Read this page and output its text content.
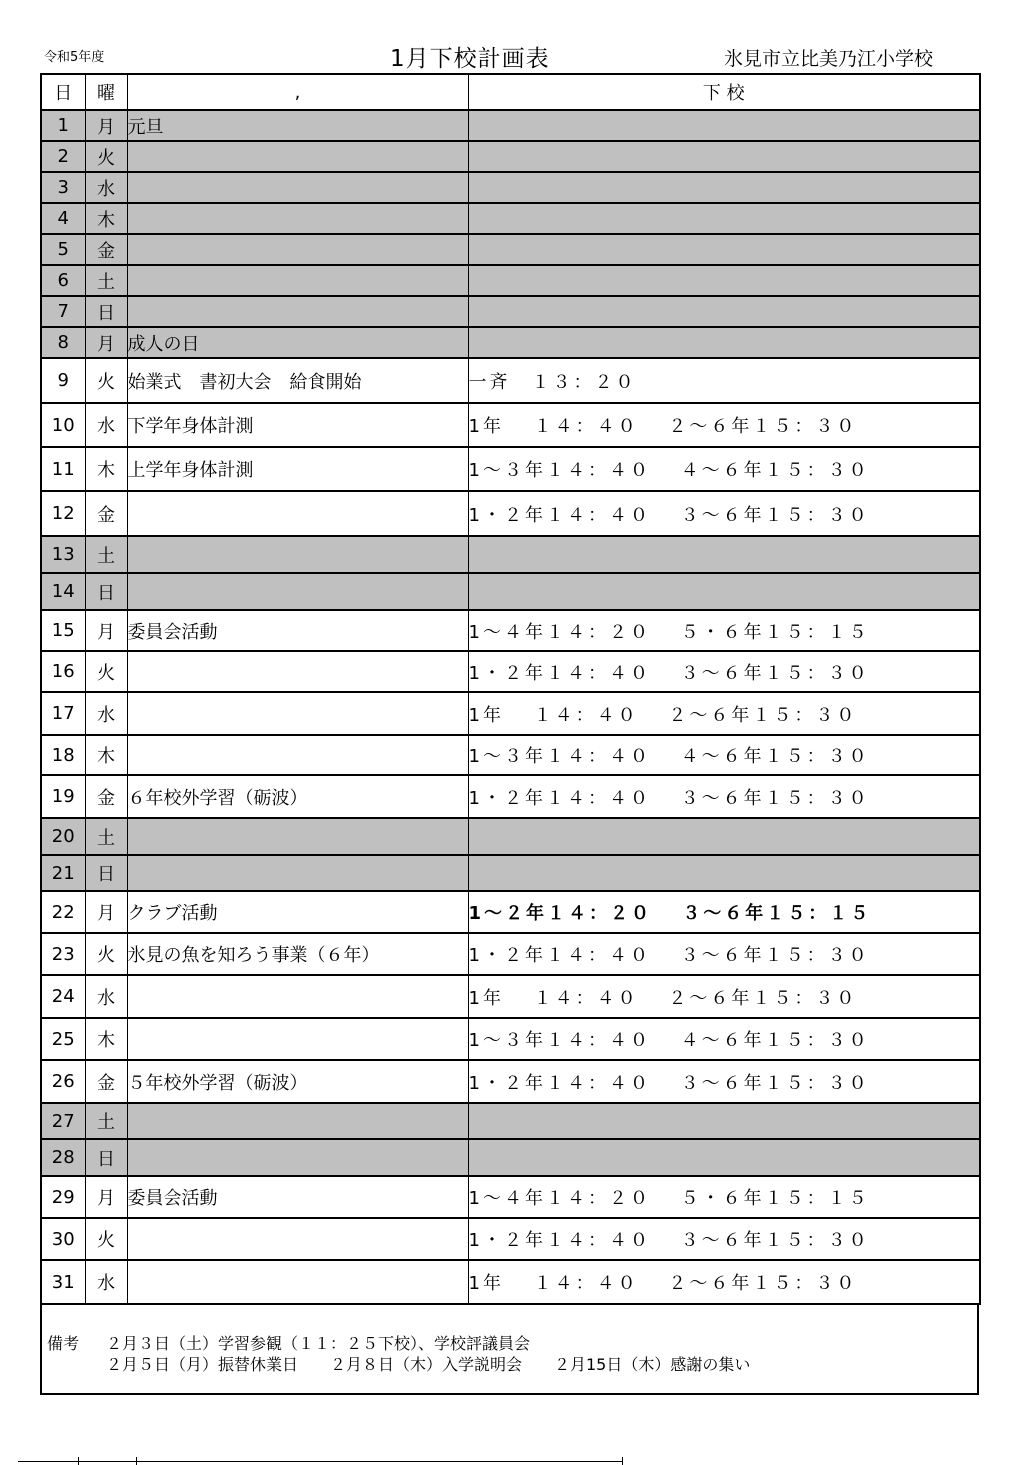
令和5年度	1月下校計画表	氷見市立比美乃江小学校
日	曜	,	下 校
1	月	元旦	
2	火		
3	水		
4	木		
5	金		
6	土		
7	日		
8	月	成人の日	
9	火	始業式　書初大会　給食開始	一斉　１３：２０
10	水	下学年身体計測	1年　 １４：４０　 ２～６年１５：３０
11	木	上学年身体計測	1～３年１４：４０　 ４～６年１５：３０
12	金		1・２年１４：４０　 ３～６年１５：３０
13	土		
14	日		
15	月	委員会活動	1～４年１４：２０　 ５・６年１５：１５
16	火		1・２年１４：４０　 ３～６年１５：３０
17	水		1年　 １４：４０　 ２～６年１５：３０
18	木		1～３年１４：４０　 ４～６年１５：３０
19	金	６年校外学習（砺波）	1・２年１４：４０　 ３～６年１５：３０
20	土		
21	日		
22	月	クラブ活動	1～２年１４：２０　 ３～６年１５：１５
23	火	氷見の魚を知ろう事業（６年）	1・２年１４：４０　 ３～６年１５：３０
24	水		1年　 １４：４０　 ２～６年１５：３０
25	木		1～３年１４：４０　 ４～６年１５：３０
26	金	５年校外学習（砺波）	1・２年１４：４０　 ３～６年１５：３０
27	土		
28	日		
29	月	委員会活動	1～４年１４：２０　 ５・６年１５：１５
30	火		1・２年１４：４０　 ３～６年１５：３０
31	水		1年　 １４：４０　 ２～６年１５：３０
備考 ２月３日（土）学習参観（１１：２５下校）、学校評議員会
２月５日（月）振替休業日　　２月８日（木）入学説明会　　２月15日（木）感謝の集い
